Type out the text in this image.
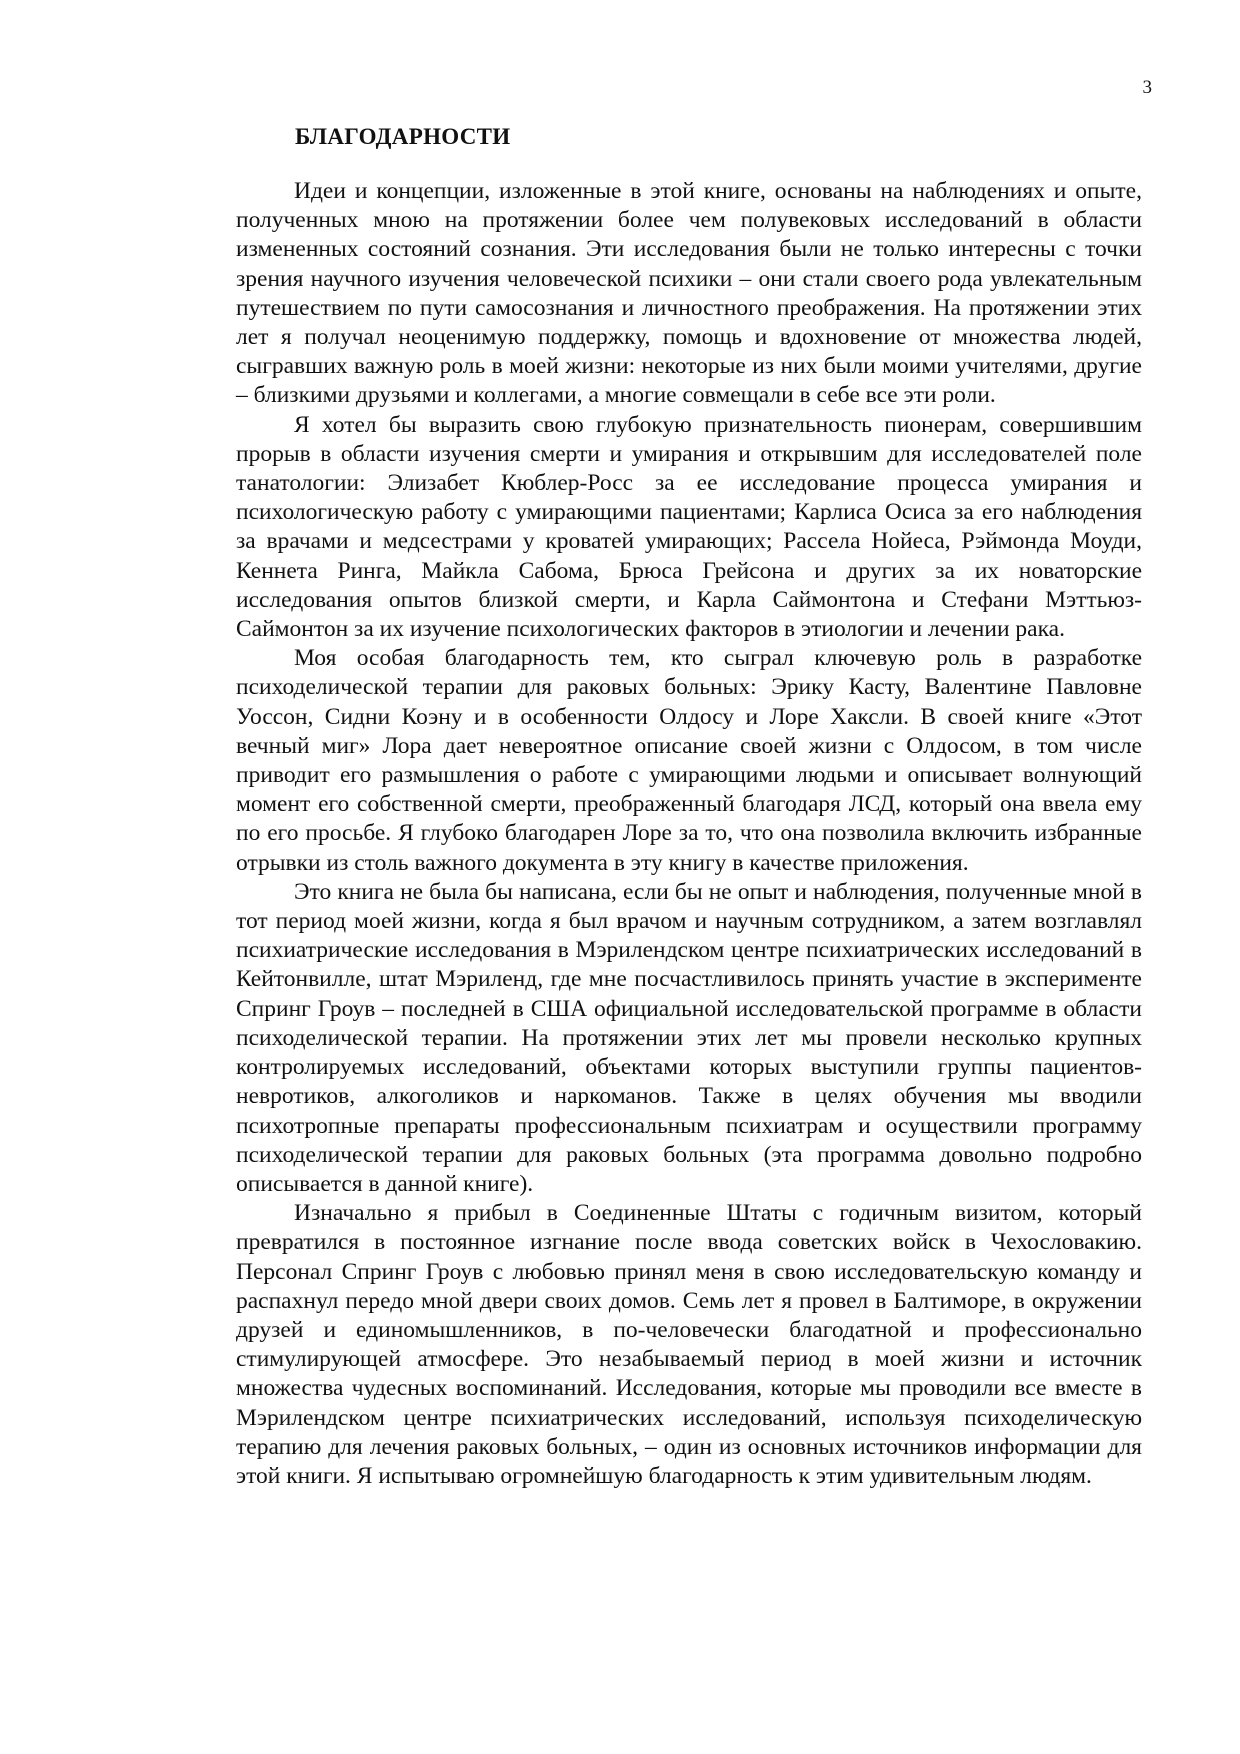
3
БЛАГОДАРНОСТИ

Идеи и концепции, изложенные в этой книге, основаны на наблюдениях и опыте, полученных мною на протяжении более чем полувековых исследований в области измененных состояний сознания. Эти исследования были не только интересны с точки зрения научного изучения человеческой психики – они стали своего рода увлекательным путешествием по пути самосознания и личностного преображения. На протяжении этих лет я получал неоценимую поддержку, помощь и вдохновение от множества людей, сыгравших важную роль в моей жизни: некоторые из них были моими учителями, другие – близкими друзьями и коллегами, а многие совмещали в себе все эти роли.

Я хотел бы выразить свою глубокую признательность пионерам, совершившим прорыв в области изучения смерти и умирания и открывшим для исследователей поле танатологии: Элизабет Кюблер-Росс за ее исследование процесса умирания и психологическую работу с умирающими пациентами; Карлиса Осиса за его наблюдения за врачами и медсестрами у кроватей умирающих; Рассела Нойеса, Рэймонда Моуди, Кеннета Ринга, Майкла Сабома, Брюса Грейсона и других за их новаторские исследования опытов близкой смерти, и Карла Саймонтона и Стефани Мэттьюз-Саймонтон за их изучение психологических факторов в этиологии и лечении рака.

Моя особая благодарность тем, кто сыграл ключевую роль в разработке психоделической терапии для раковых больных: Эрику Касту, Валентине Павловне Уоссон, Сидни Коэну и в особенности Олдосу и Лоре Хаксли. В своей книге «Этот вечный миг» Лора дает невероятное описание своей жизни с Олдосом, в том числе приводит его размышления о работе с умирающими людьми и описывает волнующий момент его собственной смерти, преображенный благодаря ЛСД, который она ввела ему по его просьбе. Я глубоко благодарен Лоре за то, что она позволила включить избранные отрывки из столь важного документа в эту книгу в качестве приложения.

Это книга не была бы написана, если бы не опыт и наблюдения, полученные мной в тот период моей жизни, когда я был врачом и научным сотрудником, а затем возглавлял психиатрические исследования в Мэрилендском центре психиатрических исследований в Кейтонвилле, штат Мэриленд, где мне посчастливилось принять участие в эксперименте Спринг Гроув – последней в США официальной исследовательской программе в области психоделической терапии. На протяжении этих лет мы провели несколько крупных контролируемых исследований, объектами которых выступили группы пациентов-невротиков, алкоголиков и наркоманов. Также в целях обучения мы вводили психотропные препараты профессиональным психиатрам и осуществили программу психоделической терапии для раковых больных (эта программа довольно подробно описывается в данной книге).

Изначально я прибыл в Соединенные Штаты с годичным визитом, который превратился в постоянное изгнание после ввода советских войск в Чехословакию. Персонал Спринг Гроув с любовью принял меня в свою исследовательскую команду и распахнул передо мной двери своих домов. Семь лет я провел в Балтиморе, в окружении друзей и единомышленников, в по-человечески благодатной и профессионально стимулирующей атмосфере. Это незабываемый период в моей жизни и источник множества чудесных воспоминаний. Исследования, которые мы проводили все вместе в Мэрилендском центре психиатрических исследований, используя психоделическую терапию для лечения раковых больных, – один из основных источников информации для этой книги. Я испытываю огромнейшую благодарность к этим удивительным людям.
